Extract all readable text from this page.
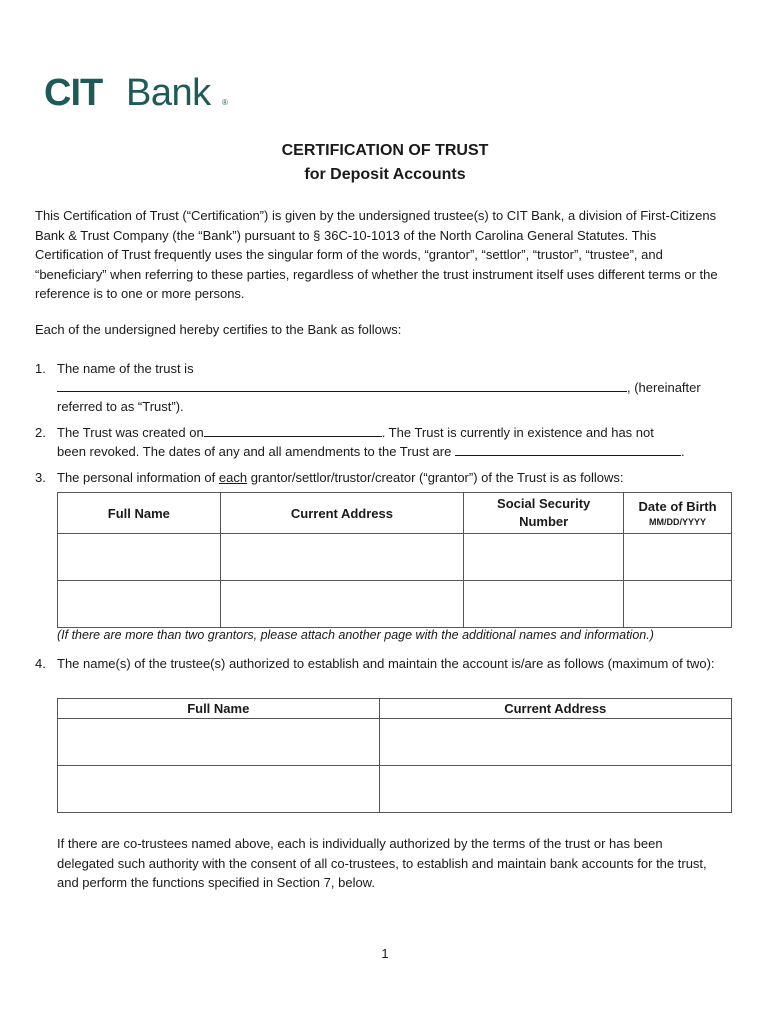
CIT Bank ®
CERTIFICATION OF TRUST
for Deposit Accounts
This Certification of Trust (“Certification”) is given by the undersigned trustee(s) to CIT Bank, a division of First-Citizens Bank & Trust Company (the “Bank”) pursuant to § 36C-10-1013 of the North Carolina General Statutes. This Certification of Trust frequently uses the singular form of the words, “grantor”, “settlor”, “trustor”, “trustee”, and “beneficiary” when referring to these parties, regardless of whether the trust instrument itself uses different terms or the reference is to one or more persons.
Each of the undersigned hereby certifies to the Bank as follows:
1. The name of the trust is
, (hereinafter
referred to as “Trust”).
2. The Trust was created on	. The Trust is currently in existence and has not
been revoked. The dates of any and all amendments to the Trust are	.
3. The personal information of each grantor/settlor/trustor/creator (“grantor”) of the Trust is as follows:
Full Name	Current Address	Social Security Number	Date of Birth
MM/DD/YYYY

(If there are more than two grantors, please attach another page with the additional names and information.)
4. The name(s) of the trustee(s) authorized to establish and maintain the account is/are as follows (maximum of two):
Full Name	Current Address

If there are co-trustees named above, each is individually authorized by the terms of the trust or has been delegated such authority with the consent of all co-trustees, to establish and maintain bank accounts for the trust, and perform the functions specified in Section 7, below.
1
